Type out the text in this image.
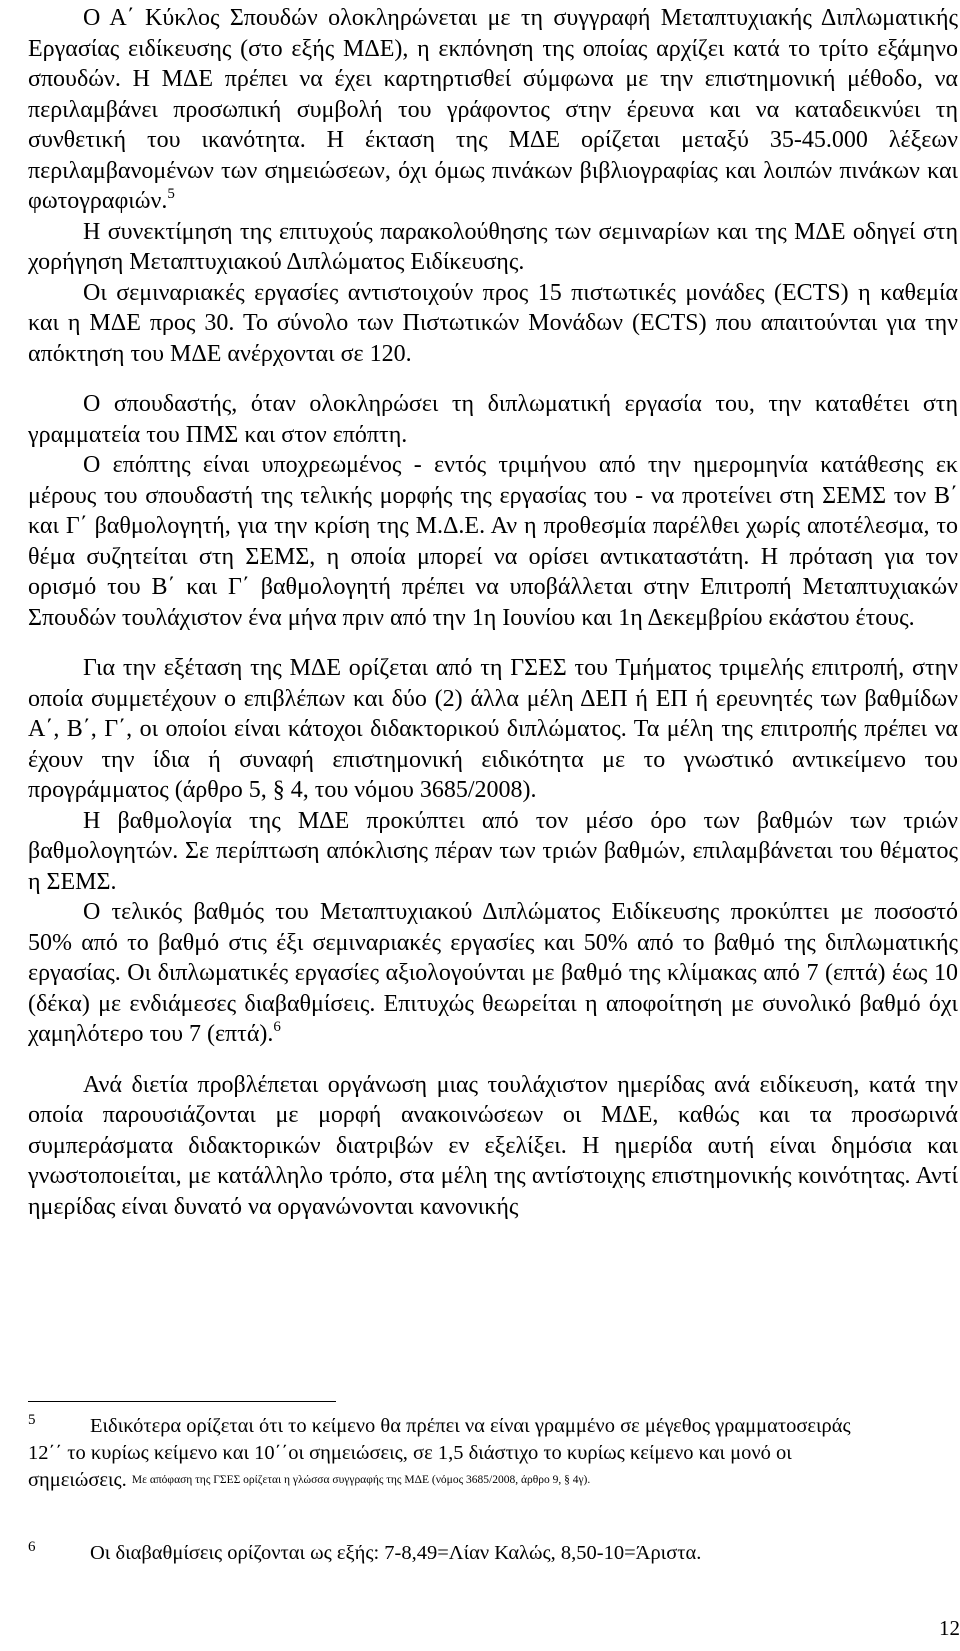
Ο Α΄ Κύκλος Σπουδών ολοκληρώνεται με τη συγγραφή Μεταπτυχιακής Διπλωματικής Εργασίας ειδίκευσης (στο εξής ΜΔΕ), η εκπόνηση της οποίας αρχίζει κατά το τρίτο εξάμηνο σπουδών. Η ΜΔΕ πρέπει να έχει καρτηρτισθεί σύμφωνα με την επιστημονική μέθοδο, να περιλαμβάνει προσωπική συμβολή του γράφοντος στην έρευνα και να καταδεικνύει τη συνθετική του ικανότητα. Η έκταση της ΜΔΕ ορίζεται μεταξύ 35-45.000 λέξεων περιλαμβανομένων των σημειώσεων, όχι όμως πινάκων βιβλιογραφίας και λοιπών πινάκων και φωτογραφιών.$^5$

Η συνεκτίμηση της επιτυχούς παρακολούθησης των σεμιναρίων και της ΜΔΕ οδηγεί στη χορήγηση Μεταπτυχιακού Διπλώματος Ειδίκευσης.

Οι σεμιναριακές εργασίες αντιστοιχούν προς 15 πιστωτικές μονάδες (ECTS) η καθεμία και η ΜΔΕ προς 30. Το σύνολο των Πιστωτικών Μονάδων (ECTS) που απαιτούνται για την απόκτηση του ΜΔΕ ανέρχονται σε 120.

Ο σπουδαστής, όταν ολοκληρώσει τη διπλωματική εργασία του, την καταθέτει στη γραμματεία του ΠΜΣ και στον επόπτη.

Ο επόπτης είναι υποχρεωμένος - εντός τριμήνου από την ημερομηνία κατάθεσης εκ μέρους του σπουδαστή της τελικής μορφής της εργασίας του - να προτείνει στη ΣΕΜΣ τον Β΄ και Γ΄ βαθμολογητή, για την κρίση της Μ.Δ.Ε. Αν η προθεσμία παρέλθει χωρίς αποτέλεσμα, το θέμα συζητείται στη ΣΕΜΣ, η οποία μπορεί να ορίσει αντικαταστάτη. Η πρόταση για τον ορισμό του Β΄ και Γ΄ βαθμολογητή πρέπει να υποβάλλεται στην Επιτροπή Μεταπτυχιακών Σπουδών τουλάχιστον ένα μήνα πριν από την 1η Ιουνίου και 1η Δεκεμβρίου εκάστου έτους.

Για την εξέταση της ΜΔΕ ορίζεται από τη ΓΣΕΣ του Τμήματος τριμελής επιτροπή, στην οποία συμμετέχουν ο επιβλέπων και δύο (2) άλλα μέλη ΔΕΠ ή ΕΠ ή ερευνητές των βαθμίδων Α΄, Β΄, Γ΄, οι οποίοι είναι κάτοχοι διδακτορικού διπλώματος. Τα μέλη της επιτροπής πρέπει να έχουν την ίδια ή συναφή επιστημονική ειδικότητα με το γνωστικό αντικείμενο του προγράμματος (άρθρο 5, § 4, του νόμου 3685/2008).

Η βαθμολογία της ΜΔΕ προκύπτει από τον μέσο όρο των βαθμών των τριών βαθμολογητών. Σε περίπτωση απόκλισης πέραν των τριών βαθμών, επιλαμβάνεται του θέματος η ΣΕΜΣ.

Ο τελικός βαθμός του Μεταπτυχιακού Διπλώματος Ειδίκευσης προκύπτει με ποσοστό 50% από το βαθμό στις έξι σεμιναριακές εργασίες και 50% από το βαθμό της διπλωματικής εργασίας. Οι διπλωματικές εργασίες αξιολογούνται με βαθμό της κλίμακας από 7 (επτά) έως 10 (δέκα) με ενδιάμεσες διαβαθμίσεις. Επιτυχώς θεωρείται η αποφοίτηση με συνολικό βαθμό όχι χαμηλότερο του 7 (επτά).$^6$

Ανά διετία προβλέπεται οργάνωση μιας τουλάχιστον ημερίδας ανά ειδίκευση, κατά την οποία παρουσιάζονται με μορφή ανακοινώσεων οι ΜΔΕ, καθώς και τα προσωρινά συμπεράσματα διδακτορικών διατριβών εν εξελίξει. Η ημερίδα αυτή είναι δημόσια και γνωστοποιείται, με κατάλληλο τρόπο, στα μέλη της αντίστοιχης επιστημονικής κοινότητας. Αντί ημερίδας είναι δυνατό να οργανώνονται κανονικής

5	Ειδικότερα ορίζεται ότι το κείμενο θα πρέπει να είναι γραμμένο σε μέγεθος γραμματοσειράς
12΄΄ το κυρίως κείμενο και 10΄΄οι σημειώσεις, σε 1,5 διάστιχο το κυρίως κείμενο και μονό οι
σημειώσεις. Με απόφαση της ΓΣΕΣ ορίζεται η γλώσσα συγγραφής της ΜΔΕ (νόμος 3685/2008, άρθρο 9, § 4γ).
6	Οι διαβαθμίσεις ορίζονται ως εξής: 7-8,49=Λίαν Καλώς, 8,50-10=Άριστα.
12
